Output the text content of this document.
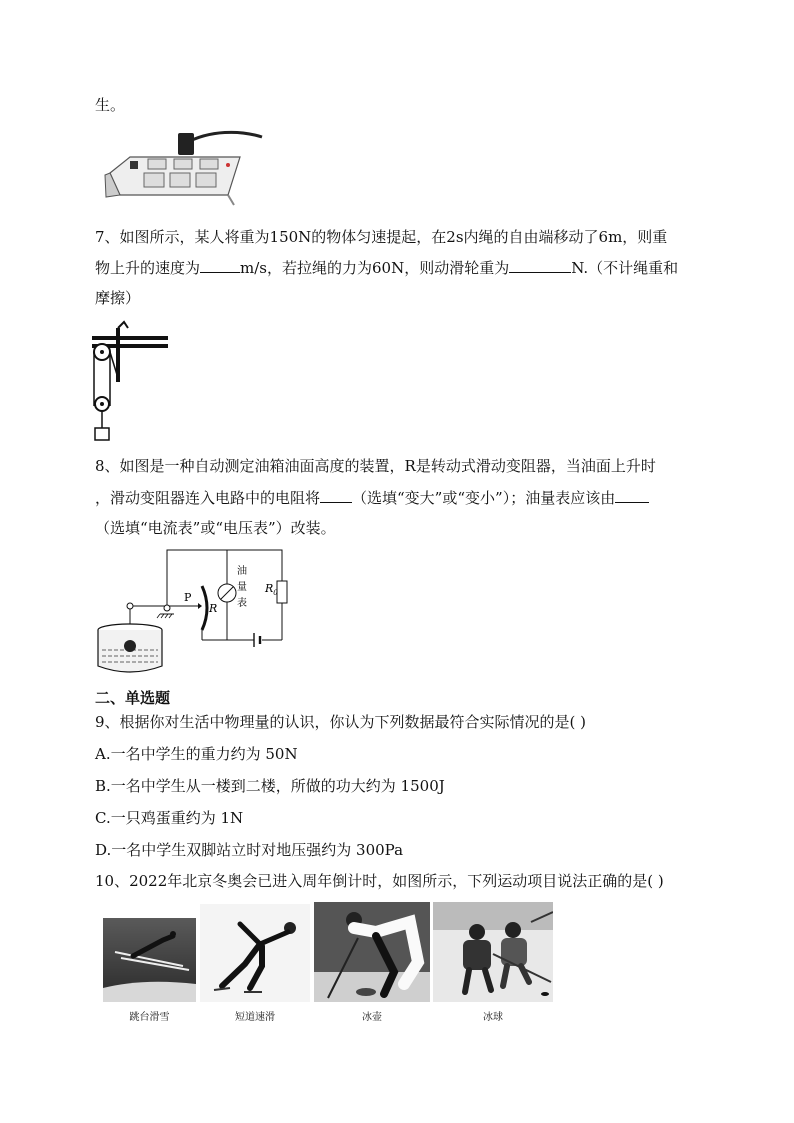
生。
7、如图所示，某人将重为150N的物体匀速提起，在2s内绳的自由端移动了6m，则重
物上升的速度为	m/s，若拉绳的力为60N，则动滑轮重为	N.（不计绳重和
摩擦）
8、如图是一种自动测定油箱油面高度的装置，R是转动式滑动变阻器，当油面上升时
，滑动变阻器连入电路中的电阻将 （选填“变大”或“变小”）；油量表应该由
（选填“电流表”或“电压表”）改装。
P
R
$R_0$
油
量
表
二、单选题
9、根据你对生活中物理量的认识，你认为下列数据最符合实际情况的是( )
A.一名中学生的重力约为 50N
B.一名中学生从一楼到二楼，所做的功大约为 1500J
C.一只鸡蛋重约为 1N
D.一名中学生双脚站立时对地压强约为 300Pa
10、2022年北京冬奥会已进入周年倒计时，如图所示，下列运动项目说法正确的是( )
跳台滑雪	短道速滑	冰壶	冰球
